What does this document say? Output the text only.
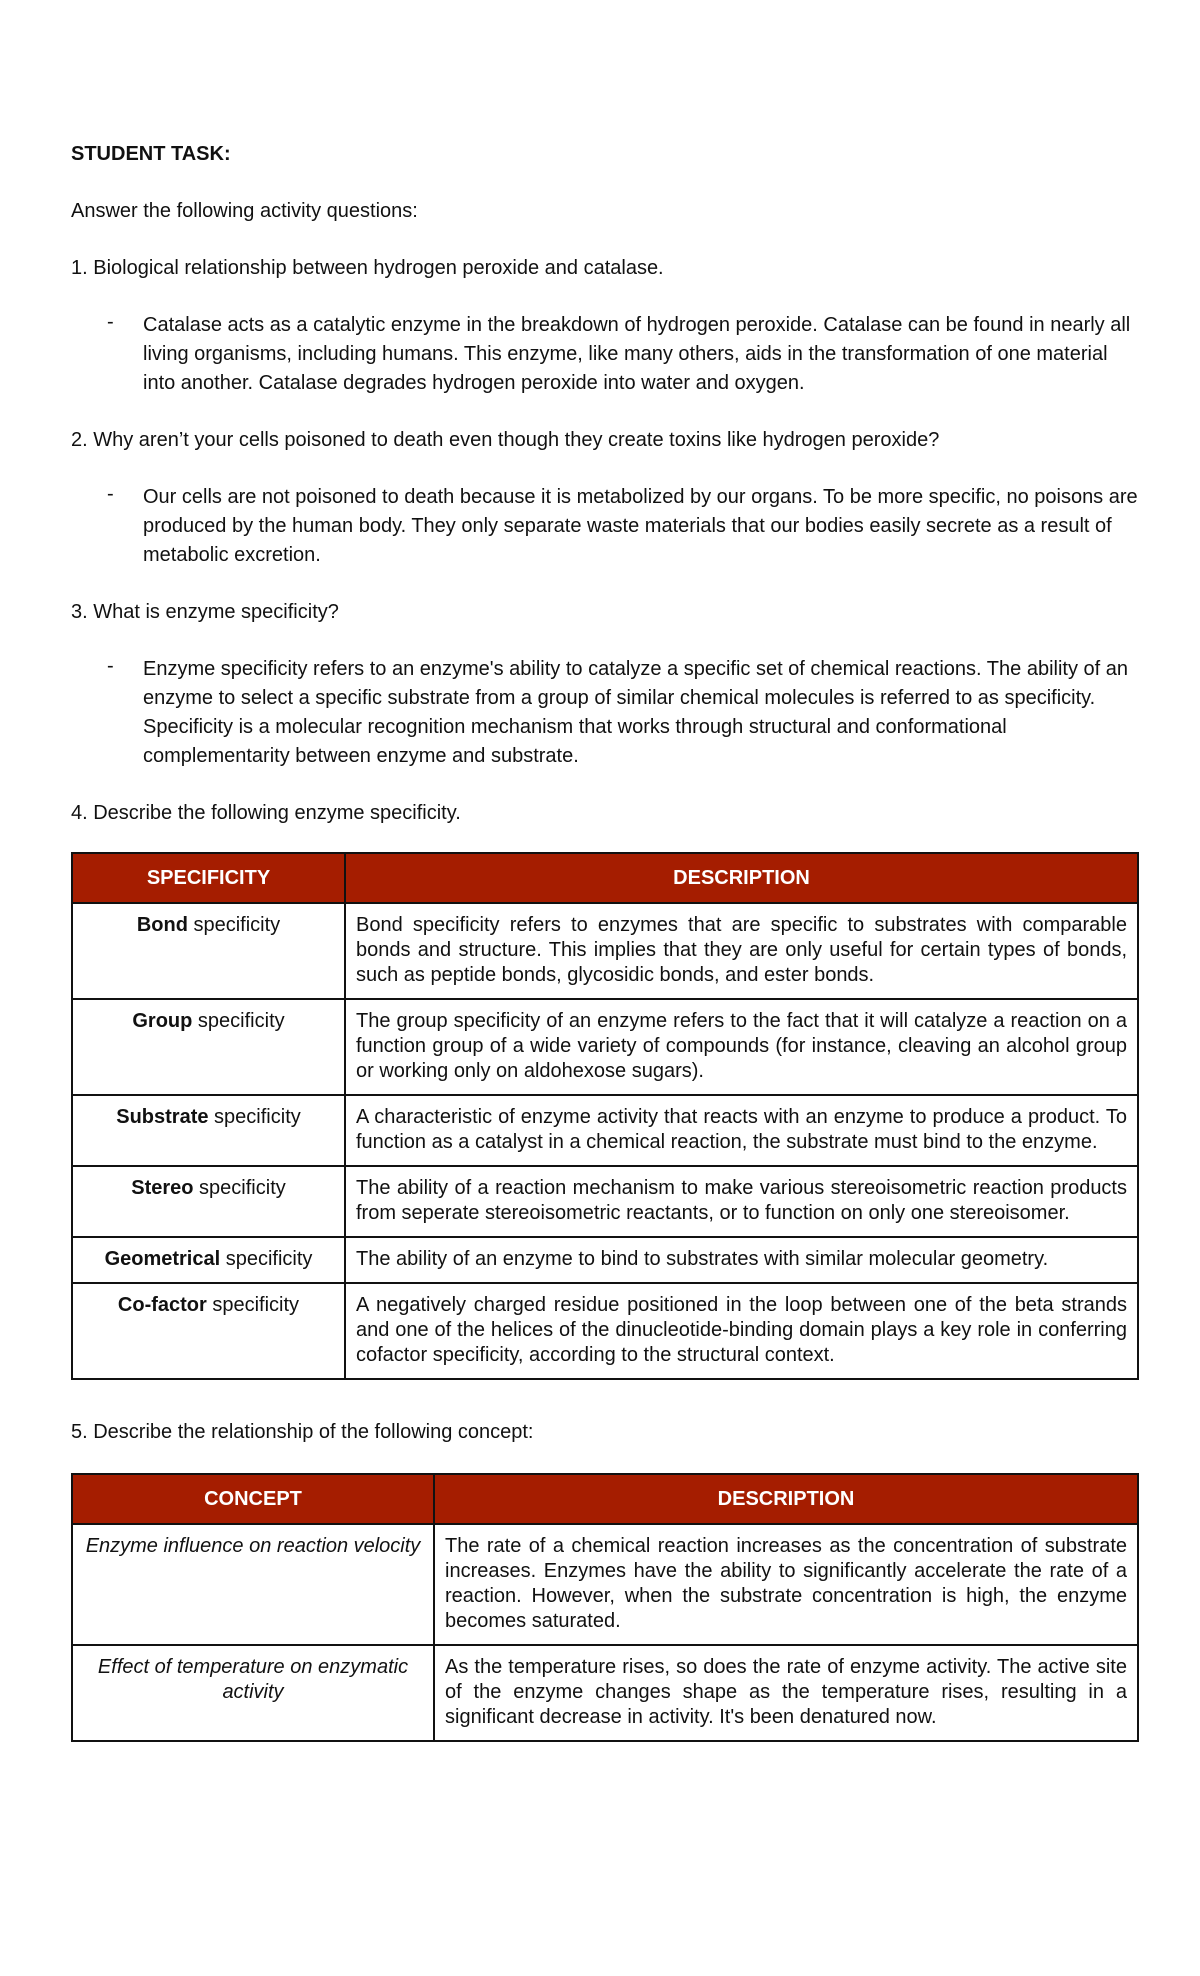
STUDENT TASK:

Answer the following activity questions:

1. Biological relationship between hydrogen peroxide and catalase.

-	Catalase acts as a catalytic enzyme in the breakdown of hydrogen peroxide. Catalase can be found in nearly all living organisms, including humans. This enzyme, like many others, aids in the transformation of one material into another. Catalase degrades hydrogen peroxide into water and oxygen.

2. Why aren’t your cells poisoned to death even though they create toxins like hydrogen peroxide?

-	Our cells are not poisoned to death because it is metabolized by our organs. To be more specific, no poisons are produced by the human body. They only separate waste materials that our bodies easily secrete as a result of metabolic excretion.

3. What is enzyme specificity?

-	Enzyme specificity refers to an enzyme's ability to catalyze a specific set of chemical reactions. The ability of an enzyme to select a specific substrate from a group of similar chemical molecules is referred to as specificity. Specificity is a molecular recognition mechanism that works through structural and conformational complementarity between enzyme and substrate.

4. Describe the following enzyme specificity.

SPECIFICITY	DESCRIPTION
Bond specificity	Bond specificity refers to enzymes that are specific to substrates with comparable bonds and structure. This implies that they are only useful for certain types of bonds, such as peptide bonds, glycosidic bonds, and ester bonds.
Group specificity	The group specificity of an enzyme refers to the fact that it will catalyze a reaction on a function group of a wide variety of compounds (for instance, cleaving an alcohol group or working only on aldohexose sugars).
Substrate specificity	A characteristic of enzyme activity that reacts with an enzyme to produce a product. To function as a catalyst in a chemical reaction, the substrate must bind to the enzyme.
Stereo specificity	The ability of a reaction mechanism to make various stereoisometric reaction products from seperate stereoisometric reactants, or to function on only one stereoisomer.
Geometrical specificity	The ability of an enzyme to bind to substrates with similar molecular geometry.
Co-factor specificity	A negatively charged residue positioned in the loop between one of the beta strands and one of the helices of the dinucleotide-binding domain plays a key role in conferring cofactor specificity, according to the structural context.

5. Describe the relationship of the following concept:

CONCEPT	DESCRIPTION
Enzyme influence on reaction velocity	The rate of a chemical reaction increases as the concentration of substrate increases. Enzymes have the ability to significantly accelerate the rate of a reaction. However, when the substrate concentration is high, the enzyme becomes saturated.
Effect of temperature on enzymatic activity	As the temperature rises, so does the rate of enzyme activity. The active site of the enzyme changes shape as the temperature rises, resulting in a significant decrease in activity. It's been denatured now.
